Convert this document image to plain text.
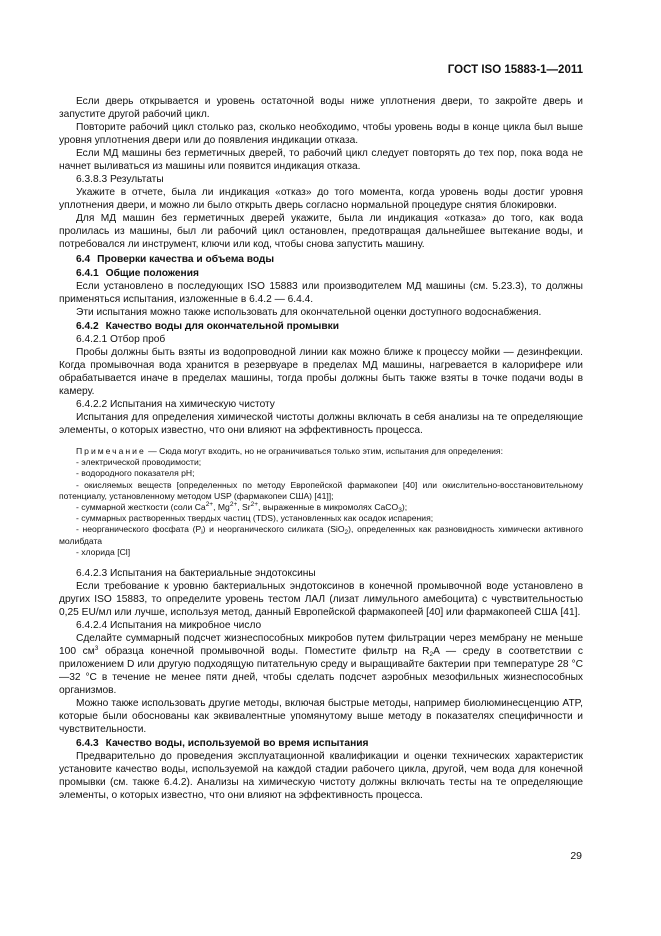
ГОСТ ISO 15883-1—2011

Если дверь открывается и уровень остаточной воды ниже уплотнения двери, то закройте дверь и запустите другой рабочий цикл.

Повторите рабочий цикл столько раз, сколько необходимо, чтобы уровень воды в конце цикла был выше уровня уплотнения двери или до появления индикации отказа.

Если МД машины без герметичных дверей, то рабочий цикл следует повторять до тех пор, пока вода не начнет выливаться из машины или появится индикация отказа.

6.3.8.3 Результаты

Укажите в отчете, была ли индикация «отказ» до того момента, когда уровень воды достиг уровня уплотнения двери, и можно ли было открыть дверь согласно нормальной процедуре снятия блокировки.

Для МД машин без герметичных дверей укажите, была ли индикация «отказа» до того, как вода пролилась из машины, был ли рабочий цикл остановлен, предотвращая дальнейшее вытекание воды, и потребовался ли инструмент, ключи или код, чтобы снова запустить машину.

6.4 Проверки качества и объема воды

6.4.1 Общие положения

Если установлено в последующих ISO 15883 или производителем МД машины (см. 5.23.3), то должны применяться испытания, изложенные в 6.4.2 — 6.4.4.

Эти испытания можно также использовать для окончательной оценки доступного водоснабжения.

6.4.2 Качество воды для окончательной промывки

6.4.2.1 Отбор проб

Пробы должны быть взяты из водопроводной линии как можно ближе к процессу мойки — дезинфекции. Когда промывочная вода хранится в резервуаре в пределах МД машины, нагревается в калорифере или обрабатывается иначе в пределах машины, тогда пробы должны быть также взяты в точке подачи воды в камеру.

6.4.2.2 Испытания на химическую чистоту

Испытания для определения химической чистоты должны включать в себя анализы на те определяющие элементы, о которых известно, что они влияют на эффективность процесса.

Примечание — Сюда могут входить, но не ограничиваться только этим, испытания для определения:

- электрической проводимости;

- водородного показателя pH;

- окисляемых веществ [определенных по методу Европейской фармакопеи [40] или окислительно-восстановительному потенциалу, установленному методом USP (фармакопеи США) [41]];

- суммарной жесткости (соли $Ca^{2+}$, $Mg^{2+}$, $Sr^{2+}$, выраженные в микромолях CaCO$_3$);

- суммарных растворенных твердых частиц (TDS), установленных как осадок испарения;

- неорганического фосфата $(P_i)$ и неорганического силиката (SiO$_2$), определенных как разновидность химически активного молибдата

- хлорида [Cl]

6.4.2.3 Испытания на бактериальные эндотоксины

Если требование к уровню бактериальных эндотоксинов в конечной промывочной воде установлено в других ISO 15883, то определите уровень тестом ЛАЛ (лизат лимульного амебоцита) с чувствительностью 0,25 EU/мл или лучше, используя метод, данный Европейской фармакопеей [40] или фармакопеей США [41].

6.4.2.4 Испытания на микробное число

Сделайте суммарный подсчет жизнеспособных микробов путем фильтрации через мембрану не меньше 100 $см^3$ образца конечной промывочной воды. Поместите фильтр на $R_2A$ — среду в соответствии с приложением D или другую подходящую питательную среду и выращивайте бактерии при температуре 28 °C—32 °C в течение не менее пяти дней, чтобы сделать подсчет аэробных мезофильных жизнеспособных организмов.

Можно также использовать другие методы, включая быстрые методы, например биолюминесценцию ATP, которые были обоснованы как эквивалентные упомянутому выше методу в показателях специфичности и чувствительности.

6.4.3 Качество воды, используемой во время испытания

Предварительно до проведения эксплуатационной квалификации и оценки технических характеристик установите качество воды, используемой на каждой стадии рабочего цикла, другой, чем вода для конечной промывки (см. также 6.4.2). Анализы на химическую чистоту должны включать тесты на те определяющие элементы, о которых известно, что они влияют на эффективность процесса.

29
